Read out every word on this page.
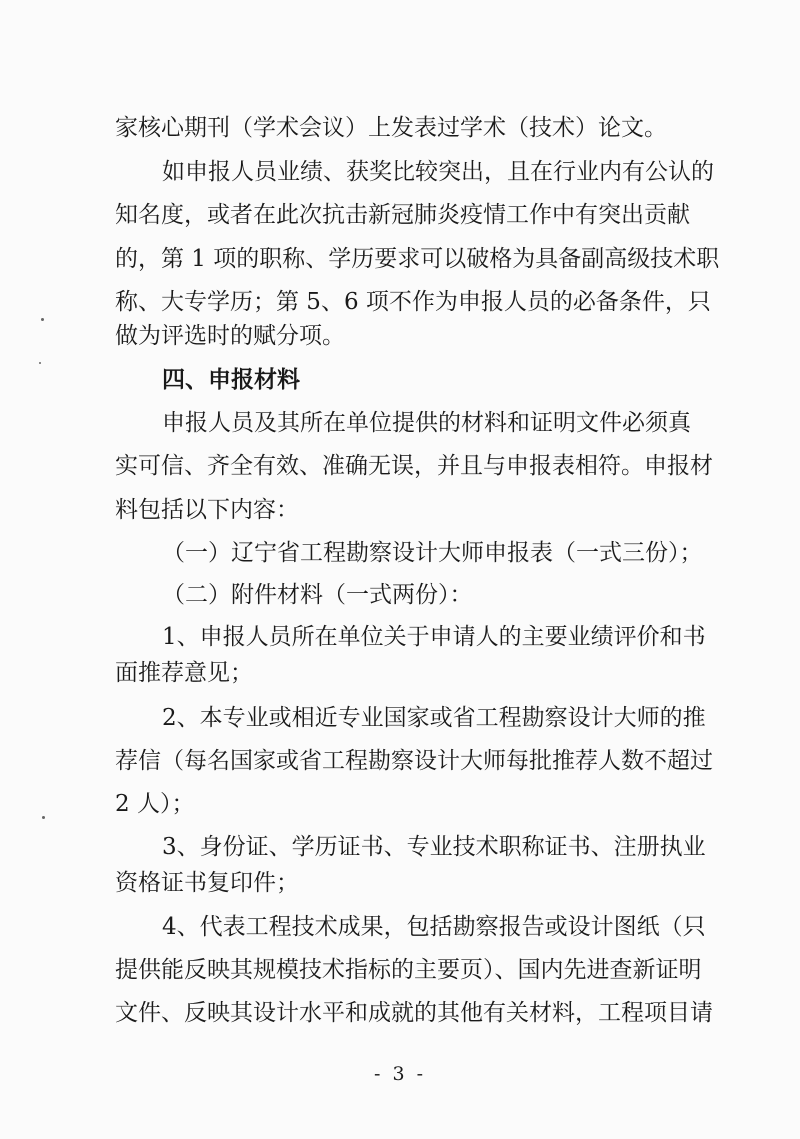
家核心期刊（学术会议）上发表过学术（技术）论文。
如申报人员业绩、获奖比较突出，且在行业内有公认的
知名度，或者在此次抗击新冠肺炎疫情工作中有突出贡献
的，第 1 项的职称、学历要求可以破格为具备副高级技术职
称、大专学历；第 5、6 项不作为申报人员的必备条件，只
做为评选时的赋分项。
四、申报材料
申报人员及其所在单位提供的材料和证明文件必须真
实可信、齐全有效、准确无误，并且与申报表相符。申报材
料包括以下内容：
（一）辽宁省工程勘察设计大师申报表（一式三份）；
（二）附件材料（一式两份）：
1、申报人员所在单位关于申请人的主要业绩评价和书
面推荐意见；
2、本专业或相近专业国家或省工程勘察设计大师的推
荐信（每名国家或省工程勘察设计大师每批推荐人数不超过
2 人）；
3、身份证、学历证书、专业技术职称证书、注册执业
资格证书复印件；
4、代表工程技术成果，包括勘察报告或设计图纸（只
提供能反映其规模技术指标的主要页）、国内先进查新证明
文件、反映其设计水平和成就的其他有关材料，工程项目请
- 3 -
